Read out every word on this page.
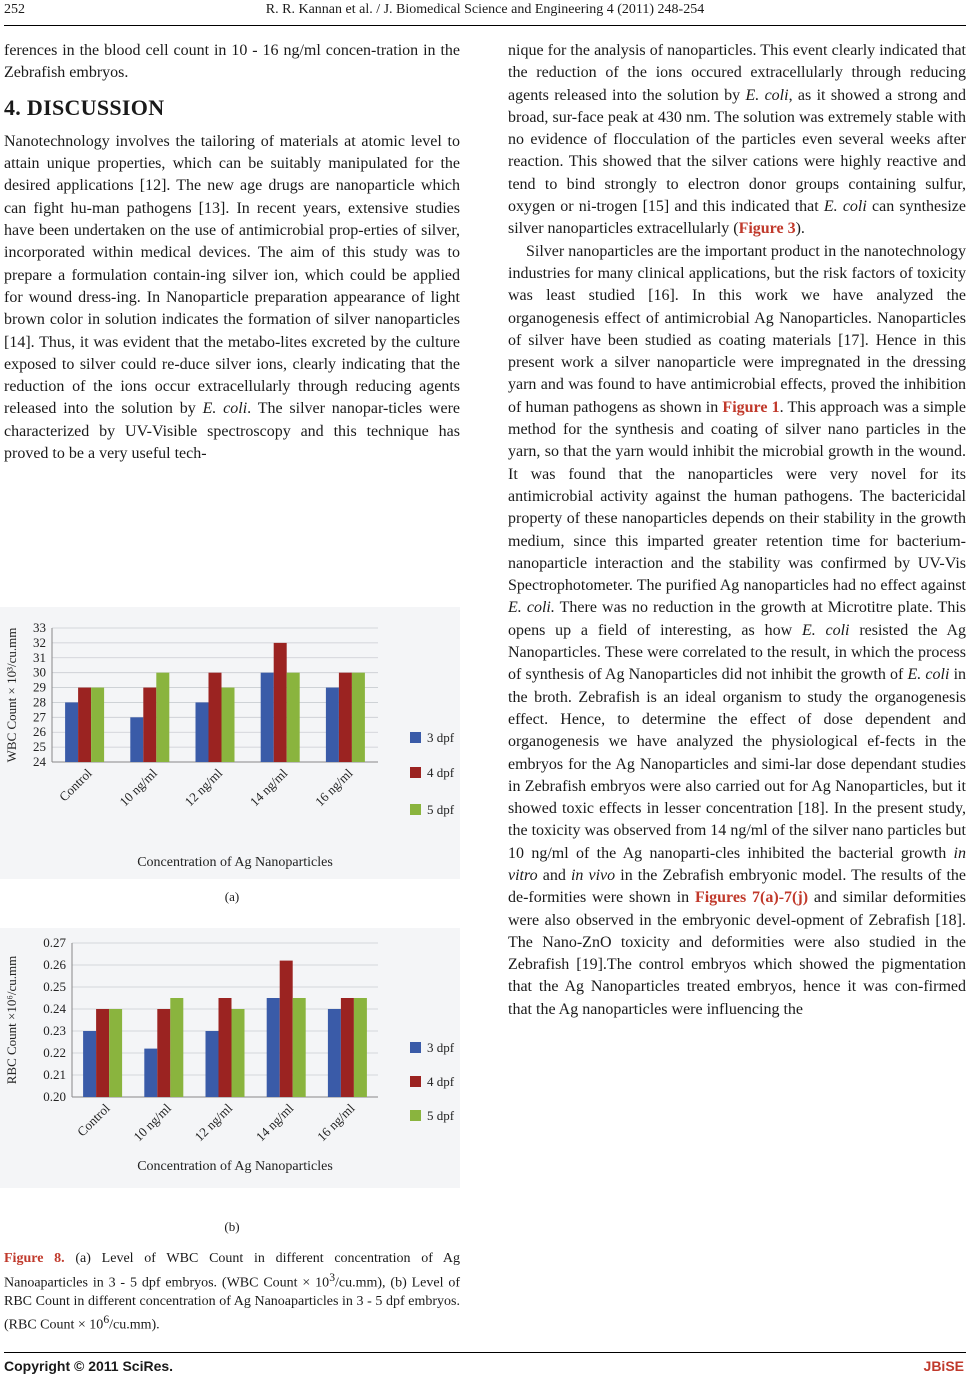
252	R. R. Kannan et al. / J. Biomedical Science and Engineering 4 (2011) 248-254

ferences in the blood cell count in 10 - 16 ng/ml concen-tration in the Zebrafish embryos.

4. DISCUSSION

Nanotechnology involves the tailoring of materials at atomic level to attain unique properties, which can be suitably manipulated for the desired applications [12]. The new age drugs are nanoparticle which can fight hu-man pathogens [13]. In recent years, extensive studies have been undertaken on the use of antimicrobial prop-erties of silver, incorporated within medical devices. The aim of this study was to prepare a formulation contain-ing silver ion, which could be applied for wound dress-ing. In Nanoparticle preparation appearance of light brown color in solution indicates the formation of silver nanoparticles [14]. Thus, it was evident that the metabo-lites excreted by the culture exposed to silver could re-duce silver ions, clearly indicating that the reduction of the ions occur extracellularly through reducing agents released into the solution by E. coli. The silver nanopar-ticles were characterized by UV-Visible spectroscopy and this technique has proved to be a very useful tech-

nique for the analysis of nanoparticles. This event clearly indicated that the reduction of the ions occured extracellularly through reducing agents released into the solution by E. coli, as it showed a strong and broad, sur-face peak at 430 nm. The solution was extremely stable with no evidence of flocculation of the particles even several weeks after reaction. This showed that the silver cations were highly reactive and tend to bind strongly to electron donor groups containing sulfur, oxygen or ni-trogen [15] and this indicated that E. coli can synthesize silver nanoparticles extracellularly (Figure 3).

Silver nanoparticles are the important product in the nanotechnology industries for many clinical applications, but the risk factors of toxicity was least studied [16]. In this work we have analyzed the organogenesis effect of antimicrobial Ag Nanoparticles. Nanoparticles of silver have been studied as coating materials [17]. Hence in this present work a silver nanoparticle were impregnated in the dressing yarn and was found to have antimicrobial effects, proved the inhibition of human pathogens as shown in Figure 1. This approach was a simple method for the synthesis and coating of silver nano particles in the yarn, so that the yarn would inhibit the microbial growth in the wound. It was found that the nanoparticles were very novel for its antimicrobial activity against the human pathogens. The bactericidal property of these nanoparticles depends on their stability in the growth medium, since this imparted greater retention time for bacterium-nanoparticle interaction and the stability was confirmed by UV-Vis Spectrophotometer. The purified Ag nanoparticles had no effect against E. coli. There was no reduction in the growth at Microtitre plate. This opens up a field of interesting, as how E. coli resisted the Ag Nanoparticles. These were correlated to the result, in which the process of synthesis of Ag Nanoparticles did not inhibit the growth of E. coli in the broth. Zebrafish is an ideal organism to study the organogenesis effect. Hence, to determine the effect of dose dependent and organogenesis we have analyzed the physiological ef-fects in the embryos for the Ag Nanoparticles and simi-lar dose dependant studies in Zebrafish embryos were also carried out for Ag Nanoparticles, but it showed toxic effects in lesser concentration [18]. In the present study, the toxicity was observed from 14 ng/ml of the silver nano particles but 10 ng/ml of the Ag nanoparti-cles inhibited the bacterial growth in vitro and in vivo in the Zebrafish embryonic model. The results of the de-formities were shown in Figures 7(a)-7(j) and similar deformities were also observed in the embryonic devel-opment of Zebrafish [18]. The Nano-ZnO toxicity and deformities were also studied in the Zebrafish [19].The control embryos which showed the pigmentation that the Ag Nanoparticles treated embryos, hence it was con-firmed that the Ag nanoparticles were influencing the

24
25
26
27
28
29
30
31
32
33
Control 10 ng/ml 12 ng/ml 14 ng/ml 16 ng/ml
WBC Count × 10³/cu.mm
Concentration of Ag Nanoparticles
3 dpf
4 dpf
5 dpf
(a)
0.20
0.21
0.22
0.23
0.24
0.25
0.26
0.27
Control 10 ng/ml 12 ng/ml 14 ng/ml 16 ng/ml
RBC Count ×10⁶/cu.mm
Concentration of Ag Nanoparticles
3 dpf
4 dpf
5 dpf
(b)
Figure 8. (a) Level of WBC Count in different concentration of Ag Nanoaparticles in 3 - 5 dpf embryos. (WBC Count × $10^3/cu.mm$), (b) Level of RBC Count in different concentration of Ag Nanoaparticles in 3 - 5 dpf embryos. (RBC Count × $10^6/cu.mm$).
Copyright © 2011 SciRes.	JBiSE
